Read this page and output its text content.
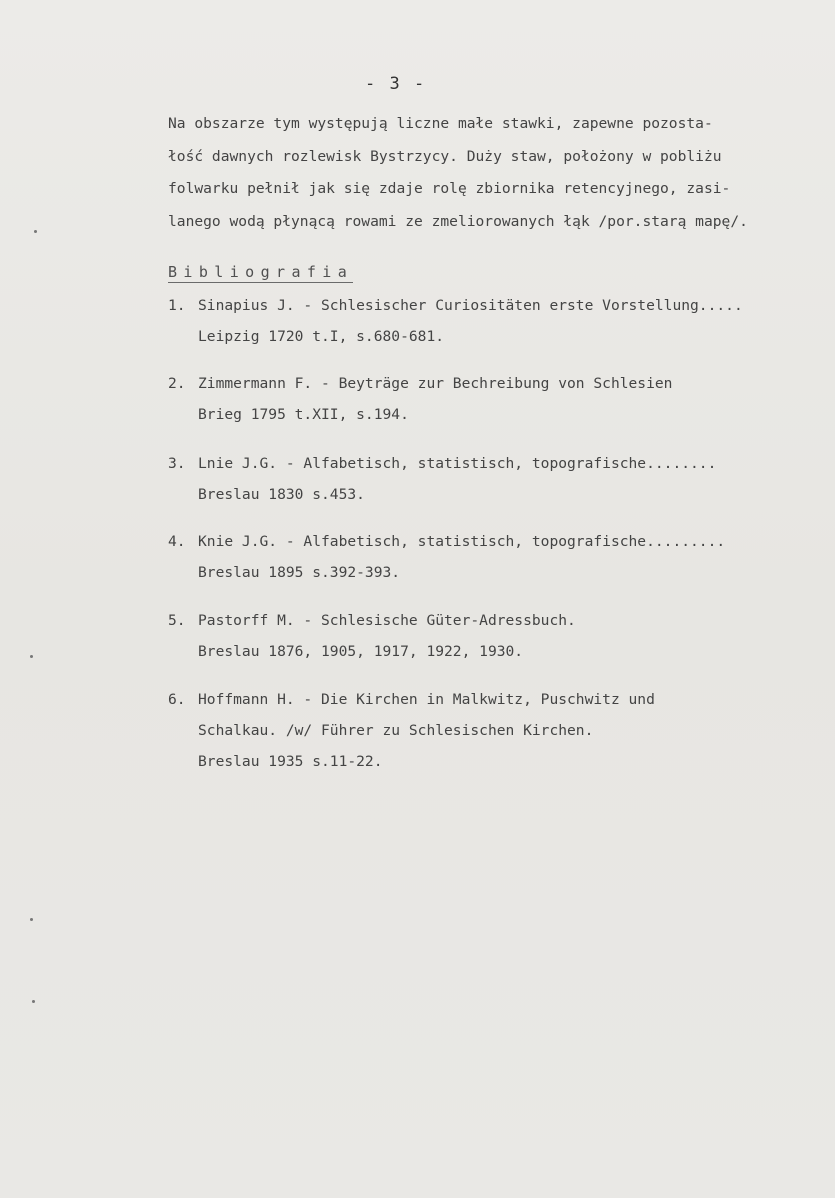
- 3 -
Na obszarze tym występują liczne małe stawki, zapewne pozosta-
łość dawnych rozlewisk Bystrzycy. Duży staw, położony w pobliżu
folwarku pełnił jak się zdaje rolę zbiornika retencyjnego, zasi-
lanego wodą płynącą rowami ze zmeliorowanych łąk /por.starą mapę/.
Bibliografia
1. Sinapius J. - Schlesischer Curiositäten erste Vorstellung.....
Leipzig 1720 t.I, s.680-681.
2. Zimmermann F. - Beyträge zur Bechreibung von Schlesien
Brieg 1795 t.XII, s.194.
3. Lnie J.G. - Alfabetisch, statistisch, topografische........
Breslau 1830 s.453.
4. Knie J.G. - Alfabetisch, statistisch, topografische.........
Breslau 1895 s.392-393.
5. Pastorff M. - Schlesische Güter-Adressbuch.
Breslau 1876, 1905, 1917, 1922, 1930.
6. Hoffmann H. - Die Kirchen in Malkwitz, Puschwitz und
Schalkau. /w/ Führer zu Schlesischen Kirchen.
Breslau 1935 s.11-22.
